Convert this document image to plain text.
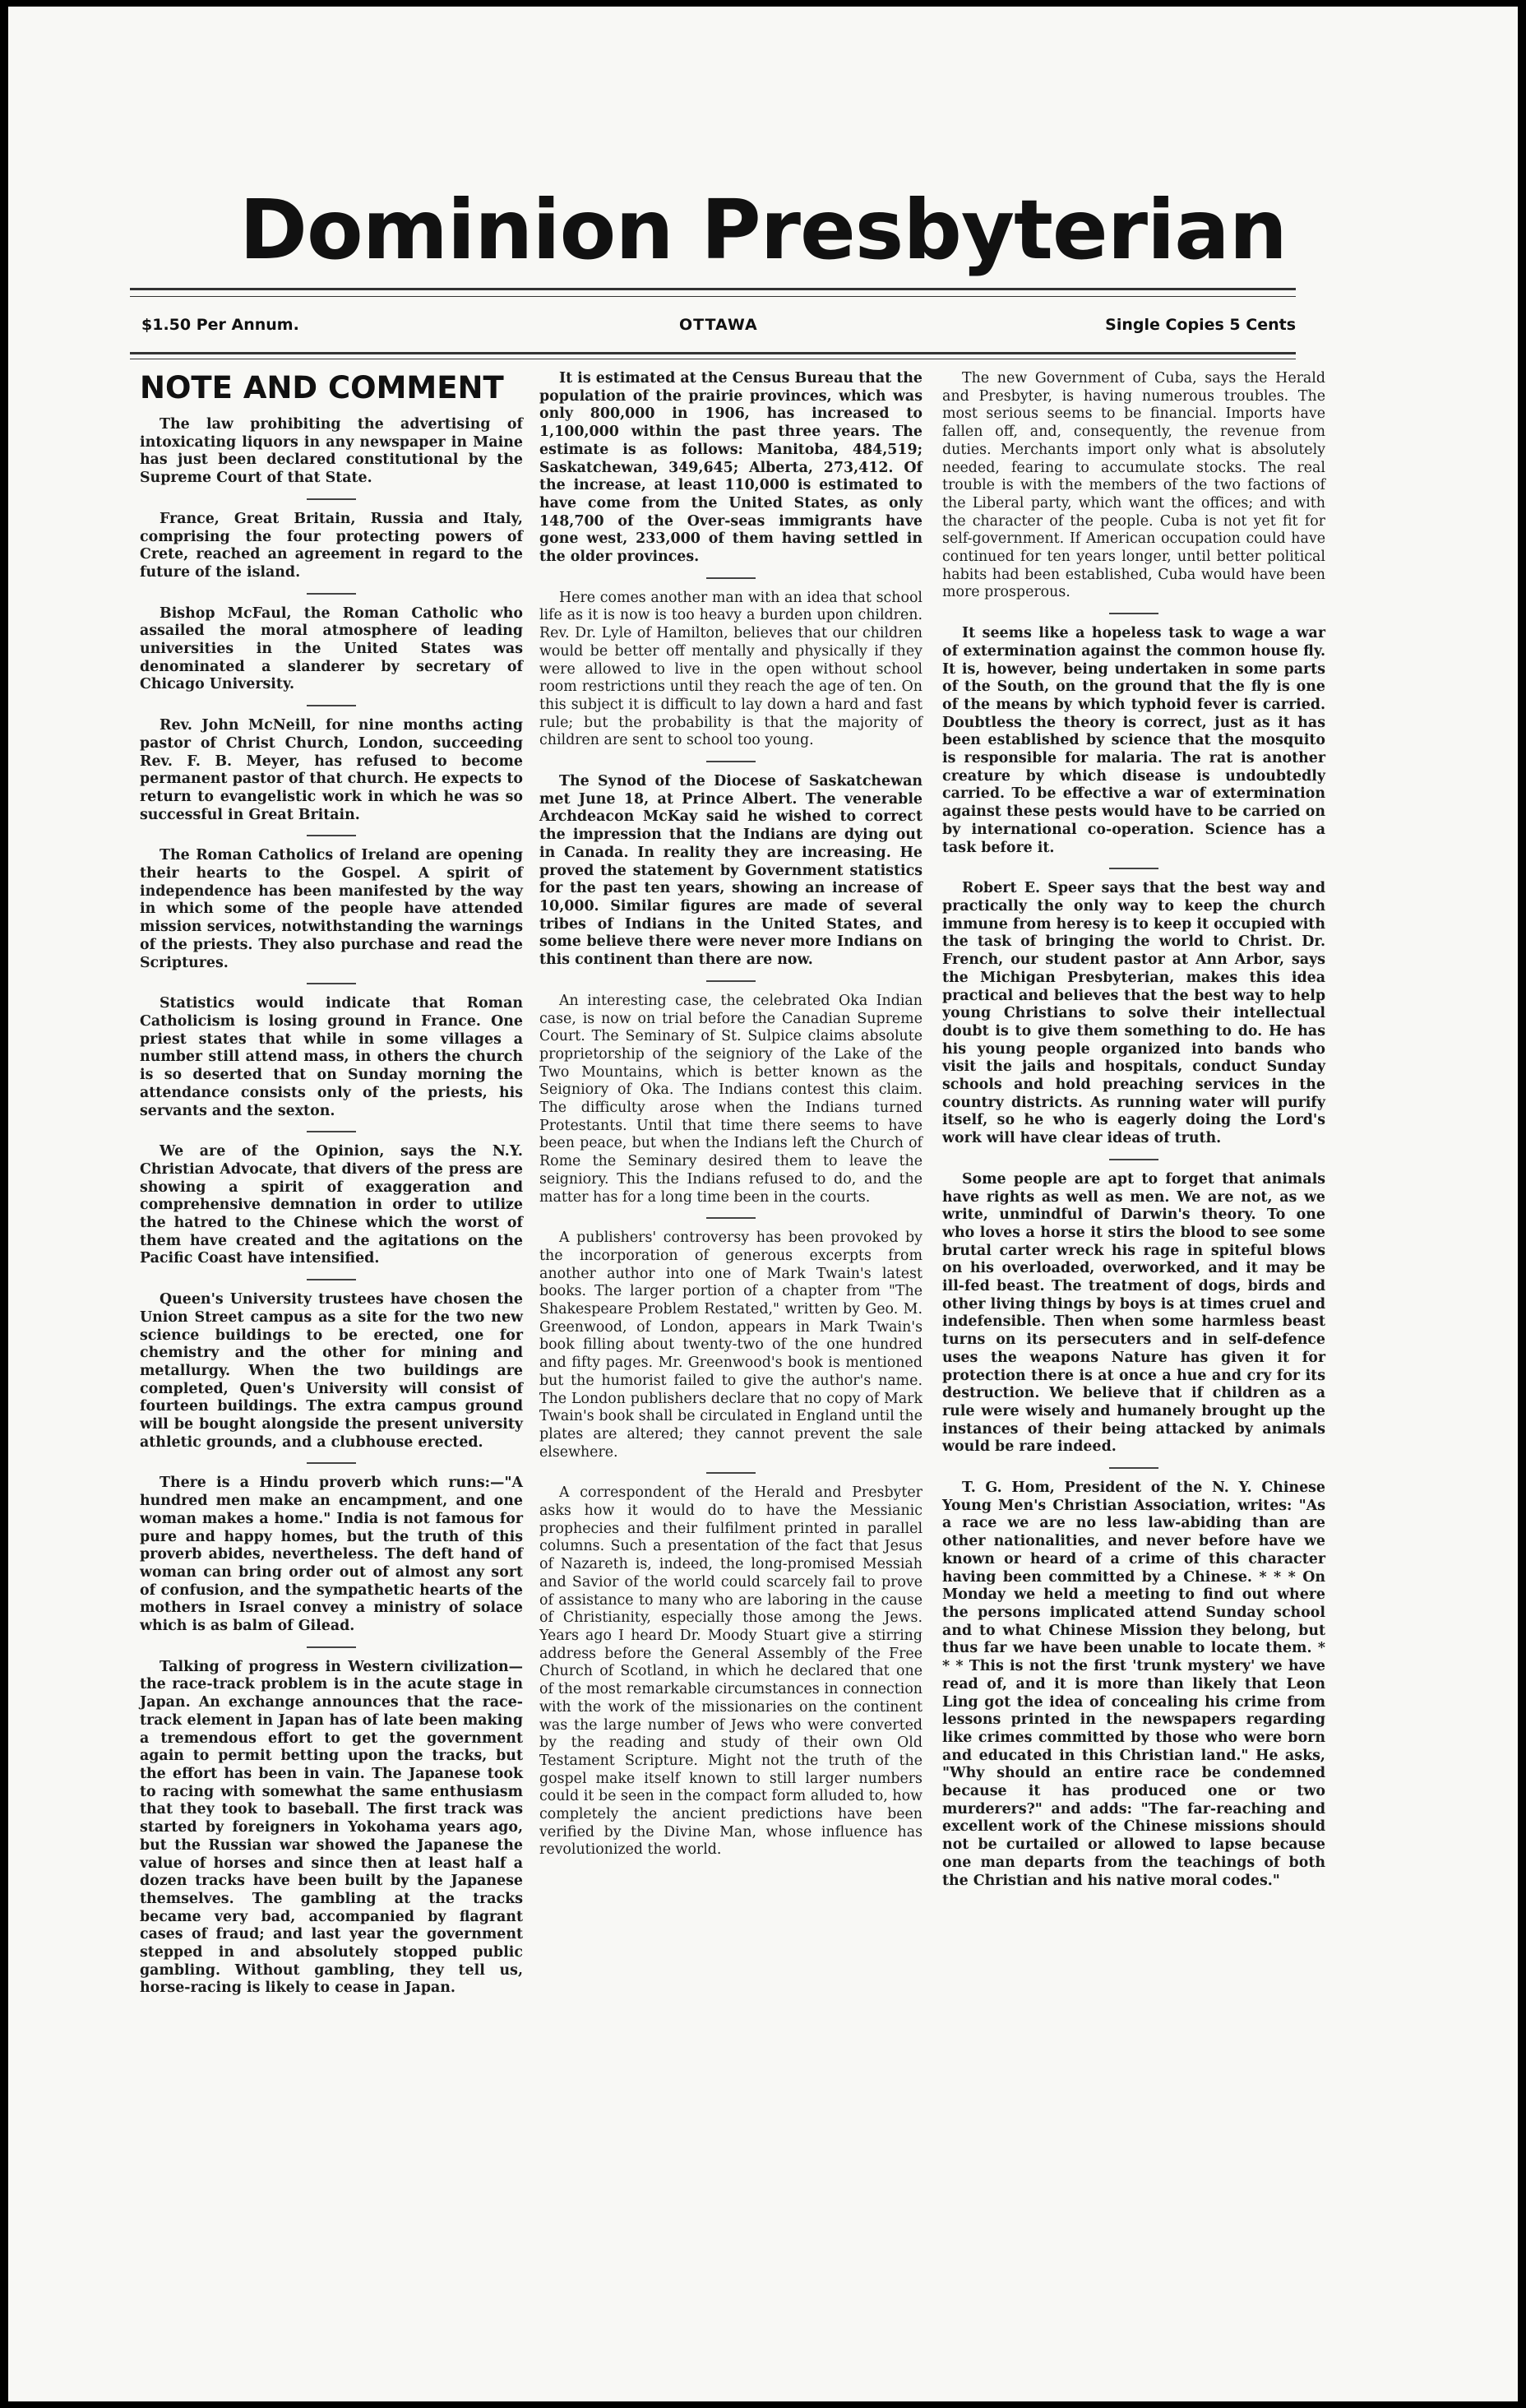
Dominion Presbyterian
$1.50 Per Annum.	OTTAWA	Single Copies 5 Cents
NOTE AND COMMENT

The law prohibiting the advertising of intoxicating liquors in any newspaper in Maine has just been declared constitutional by the Supreme Court of that State.

France, Great Britain, Russia and Italy, comprising the four protecting powers of Crete, reached an agreement in regard to the future of the island.

Bishop McFaul, the Roman Catholic who assailed the moral atmosphere of leading universities in the United States was denominated a slanderer by secretary of Chicago University.

Rev. John McNeill, for nine months acting pastor of Christ Church, London, succeeding Rev. F. B. Meyer, has refused to become permanent pastor of that church. He expects to return to evangelistic work in which he was so successful in Great Britain.

The Roman Catholics of Ireland are opening their hearts to the Gospel. A spirit of independence has been manifested by the way in which some of the people have attended mission services, notwithstanding the warnings of the priests. They also purchase and read the Scriptures.

Statistics would indicate that Roman Catholicism is losing ground in France. One priest states that while in some villages a number still attend mass, in others the church is so deserted that on Sunday morning the attendance consists only of the priests, his servants and the sexton.

We are of the Opinion, says the N.Y. Christian Advocate, that divers of the press are showing a spirit of exaggeration and comprehensive demnation in order to utilize the hatred to the Chinese which the worst of them have created and the agitations on the Pacific Coast have intensified.

Queen's University trustees have chosen the Union Street campus as a site for the two new science buildings to be erected, one for chemistry and the other for mining and metallurgy. When the two buildings are completed, Quen's University will consist of fourteen buildings. The extra campus ground will be bought alongside the present university athletic grounds, and a clubhouse erected.

There is a Hindu proverb which runs:—"A hundred men make an encampment, and one woman makes a home." India is not famous for pure and happy homes, but the truth of this proverb abides, nevertheless. The deft hand of woman can bring order out of almost any sort of confusion, and the sympathetic hearts of the mothers in Israel convey a ministry of solace which is as balm of Gilead.

Talking of progress in Western civilization—the race-track problem is in the acute stage in Japan. An exchange announces that the race-track element in Japan has of late been making a tremendous effort to get the government again to permit betting upon the tracks, but the effort has been in vain. The Japanese took to racing with somewhat the same enthusiasm that they took to baseball. The first track was started by foreigners in Yokohama years ago, but the Russian war showed the Japanese the value of horses and since then at least half a dozen tracks have been built by the Japanese themselves. The gambling at the tracks became very bad, accompanied by flagrant cases of fraud; and last year the government stepped in and absolutely stopped public gambling. Without gambling, they tell us, horse-racing is likely to cease in Japan.

It is estimated at the Census Bureau that the population of the prairie provinces, which was only 800,000 in 1906, has increased to 1,100,000 within the past three years. The estimate is as follows: Manitoba, 484,519; Saskatchewan, 349,645; Alberta, 273,412. Of the increase, at least 110,000 is estimated to have come from the United States, as only 148,700 of the Over-seas immigrants have gone west, 233,000 of them having settled in the older provinces.

Here comes another man with an idea that school life as it is now is too heavy a burden upon children. Rev. Dr. Lyle of Hamilton, believes that our children would be better off mentally and physically if they were allowed to live in the open without school room restrictions until they reach the age of ten. On this subject it is difficult to lay down a hard and fast rule; but the probability is that the majority of children are sent to school too young.

The Synod of the Diocese of Saskatchewan met June 18, at Prince Albert. The venerable Archdeacon McKay said he wished to correct the impression that the Indians are dying out in Canada. In reality they are increasing. He proved the statement by Government statistics for the past ten years, showing an increase of 10,000. Similar figures are made of several tribes of Indians in the United States, and some believe there were never more Indians on this continent than there are now.

An interesting case, the celebrated Oka Indian case, is now on trial before the Canadian Supreme Court. The Seminary of St. Sulpice claims absolute proprietorship of the seigniory of the Lake of the Two Mountains, which is better known as the Seigniory of Oka. The Indians contest this claim. The difficulty arose when the Indians turned Protestants. Until that time there seems to have been peace, but when the Indians left the Church of Rome the Seminary desired them to leave the seigniory. This the Indians refused to do, and the matter has for a long time been in the courts.

A publishers' controversy has been provoked by the incorporation of generous excerpts from another author into one of Mark Twain's latest books. The larger portion of a chapter from "The Shakespeare Problem Restated," written by Geo. M. Greenwood, of London, appears in Mark Twain's book filling about twenty-two of the one hundred and fifty pages. Mr. Greenwood's book is mentioned but the humorist failed to give the author's name. The London publishers declare that no copy of Mark Twain's book shall be circulated in England until the plates are altered; they cannot prevent the sale elsewhere.

A correspondent of the Herald and Presbyter asks how it would do to have the Messianic prophecies and their fulfilment printed in parallel columns. Such a presentation of the fact that Jesus of Nazareth is, indeed, the long-promised Messiah and Savior of the world could scarcely fail to prove of assistance to many who are laboring in the cause of Christianity, especially those among the Jews. Years ago I heard Dr. Moody Stuart give a stirring address before the General Assembly of the Free Church of Scotland, in which he declared that one of the most remarkable circumstances in connection with the work of the missionaries on the continent was the large number of Jews who were converted by the reading and study of their own Old Testament Scripture. Might not the truth of the gospel make itself known to still larger numbers could it be seen in the compact form alluded to, how completely the ancient predictions have been verified by the Divine Man, whose influence has revolutionized the world.

The new Government of Cuba, says the Herald and Presbyter, is having numerous troubles. The most serious seems to be financial. Imports have fallen off, and, consequently, the revenue from duties. Merchants import only what is absolutely needed, fearing to accumulate stocks. The real trouble is with the members of the two factions of the Liberal party, which want the offices; and with the character of the people. Cuba is not yet fit for self-government. If American occupation could have continued for ten years longer, until better political habits had been established, Cuba would have been more prosperous.

It seems like a hopeless task to wage a war of extermination against the common house fly. It is, however, being undertaken in some parts of the South, on the ground that the fly is one of the means by which typhoid fever is carried. Doubtless the theory is correct, just as it has been established by science that the mosquito is responsible for malaria. The rat is another creature by which disease is undoubtedly carried. To be effective a war of extermination against these pests would have to be carried on by international co-operation. Science has a task before it.

Robert E. Speer says that the best way and practically the only way to keep the church immune from heresy is to keep it occupied with the task of bringing the world to Christ. Dr. French, our student pastor at Ann Arbor, says the Michigan Presbyterian, makes this idea practical and believes that the best way to help young Christians to solve their intellectual doubt is to give them something to do. He has his young people organized into bands who visit the jails and hospitals, conduct Sunday schools and hold preaching services in the country districts. As running water will purify itself, so he who is eagerly doing the Lord's work will have clear ideas of truth.

Some people are apt to forget that animals have rights as well as men. We are not, as we write, unmindful of Darwin's theory. To one who loves a horse it stirs the blood to see some brutal carter wreck his rage in spiteful blows on his overloaded, overworked, and it may be ill-fed beast. The treatment of dogs, birds and other living things by boys is at times cruel and indefensible. Then when some harmless beast turns on its persecuters and in self-defence uses the weapons Nature has given it for protection there is at once a hue and cry for its destruction. We believe that if children as a rule were wisely and humanely brought up the instances of their being attacked by animals would be rare indeed.

T. G. Hom, President of the N. Y. Chinese Young Men's Christian Association, writes: "As a race we are no less law-abiding than are other nationalities, and never before have we known or heard of a crime of this character having been committed by a Chinese. * * * On Monday we held a meeting to find out where the persons implicated attend Sunday school and to what Chinese Mission they belong, but thus far we have been unable to locate them. * * * This is not the first 'trunk mystery' we have read of, and it is more than likely that Leon Ling got the idea of concealing his crime from lessons printed in the newspapers regarding like crimes committed by those who were born and educated in this Christian land." He asks, "Why should an entire race be condemned because it has produced one or two murderers?" and adds: "The far-reaching and excellent work of the Chinese missions should not be curtailed or allowed to lapse because one man departs from the teachings of both the Christian and his native moral codes."
